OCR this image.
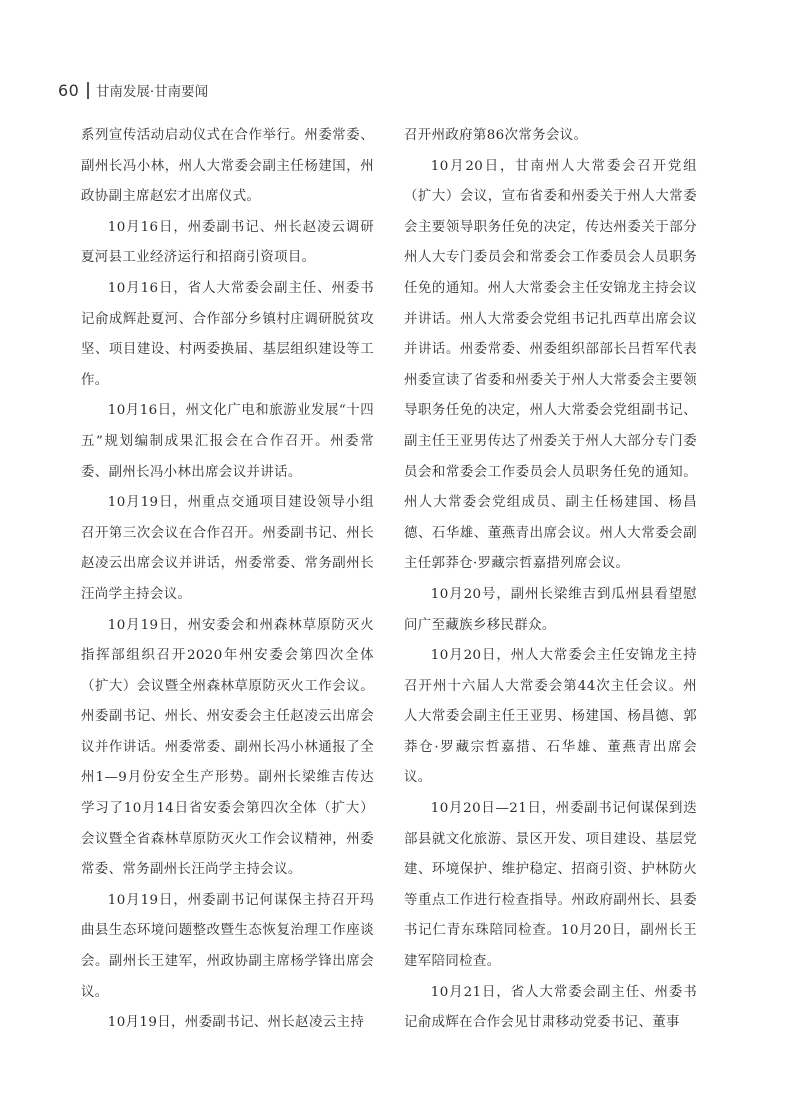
60 甘南发展·甘南要闻

系列宣传活动启动仪式在合作举行。州委常委、副州长冯小林，州人大常委会副主任杨建国，州政协副主席赵宏才出席仪式。

10月16日，州委副书记、州长赵凌云调研夏河县工业经济运行和招商引资项目。

10月16日，省人大常委会副主任、州委书记俞成辉赴夏河、合作部分乡镇村庄调研脱贫攻坚、项目建设、村两委换届、基层组织建设等工作。

10月16日，州文化广电和旅游业发展“十四五”规划编制成果汇报会在合作召开。州委常委、副州长冯小林出席会议并讲话。

10月19日，州重点交通项目建设领导小组召开第三次会议在合作召开。州委副书记、州长赵凌云出席会议并讲话，州委常委、常务副州长汪尚学主持会议。

10月19日，州安委会和州森林草原防灭火指挥部组织召开2020年州安委会第四次全体（扩大）会议暨全州森林草原防灭火工作会议。州委副书记、州长、州安委会主任赵凌云出席会议并作讲话。州委常委、副州长冯小林通报了全州1—9月份安全生产形势。副州长梁维吉传达学习了10月14日省安委会第四次全体（扩大）会议暨全省森林草原防灭火工作会议精神，州委常委、常务副州长汪尚学主持会议。

10月19日，州委副书记何谋保主持召开玛曲县生态环境问题整改暨生态恢复治理工作座谈会。副州长王建军，州政协副主席杨学锋出席会议。

10月19日，州委副书记、州长赵凌云主持

召开州政府第86次常务会议。

10月20日，甘南州人大常委会召开党组（扩大）会议，宣布省委和州委关于州人大常委会主要领导职务任免的决定，传达州委关于部分州人大专门委员会和常委会工作委员会人员职务任免的通知。州人大常委会主任安锦龙主持会议并讲话。州人大常委会党组书记扎西草出席会议并讲话。州委常委、州委组织部部长吕哲军代表州委宣读了省委和州委关于州人大常委会主要领导职务任免的决定，州人大常委会党组副书记、副主任王亚男传达了州委关于州人大部分专门委员会和常委会工作委员会人员职务任免的通知。州人大常委会党组成员、副主任杨建国、杨昌德、石华雄、董燕青出席会议。州人大常委会副主任郭莽仓·罗藏宗哲嘉措列席会议。

10月20号，副州长梁维吉到瓜州县看望慰问广至藏族乡移民群众。

10月20日，州人大常委会主任安锦龙主持召开州十六届人大常委会第44次主任会议。州人大常委会副主任王亚男、杨建国、杨昌德、郭莽仓·罗藏宗哲嘉措、石华雄、董燕青出席会议。

10月20日—21日，州委副书记何谋保到迭部县就文化旅游、景区开发、项目建设、基层党建、环境保护、维护稳定、招商引资、护林防火等重点工作进行检查指导。州政府副州长、县委书记仁青东珠陪同检查。10月20日，副州长王建军陪同检查。

10月21日，省人大常委会副主任、州委书记俞成辉在合作会见甘肃移动党委书记、董事
